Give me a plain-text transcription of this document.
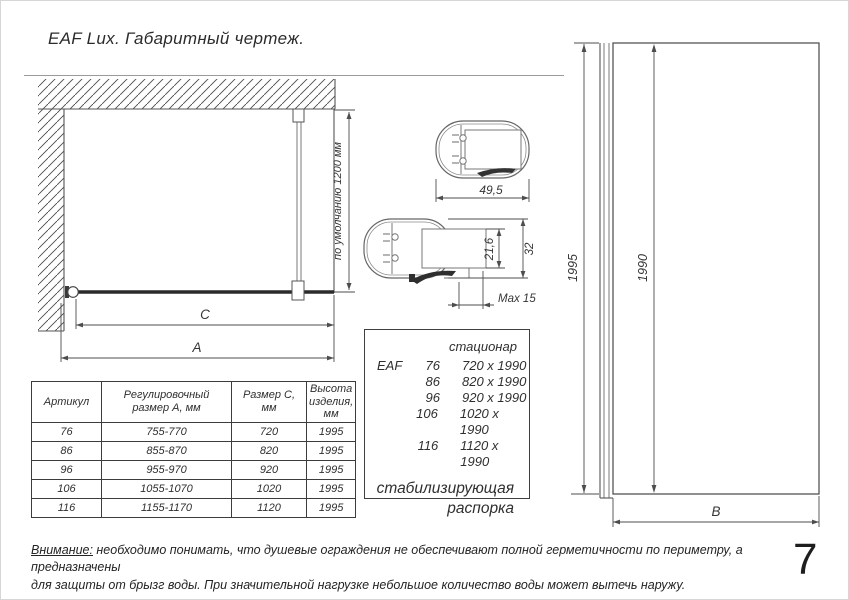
EAF Lux. Габаритный чертеж.
по умолчанию 1200 мм
C
A
49,5
21,6 32
Max 15
1995	1990
B
стационар
EAF	76	720 x 1990
86	820 x 1990
96	920 x 1990
106	1020 x 1990
116	1120 x 1990
стабилизирующая
распорка
Артикул	Регулировочный размер А, мм	Размер С, мм	Высота изделия, мм
76	755-770	720	1995
86	855-870	820	1995
96	955-970	920	1995
106	1055-1070	1020	1995
116	1155-1170	1120	1995
Внимание: необходимо понимать, что душевые ограждения не обеспечивают полной герметичности по периметру, а предназначены
для защиты от брызг воды. При значительной нагрузке небольшое количество воды может вытечь наружу.
7
